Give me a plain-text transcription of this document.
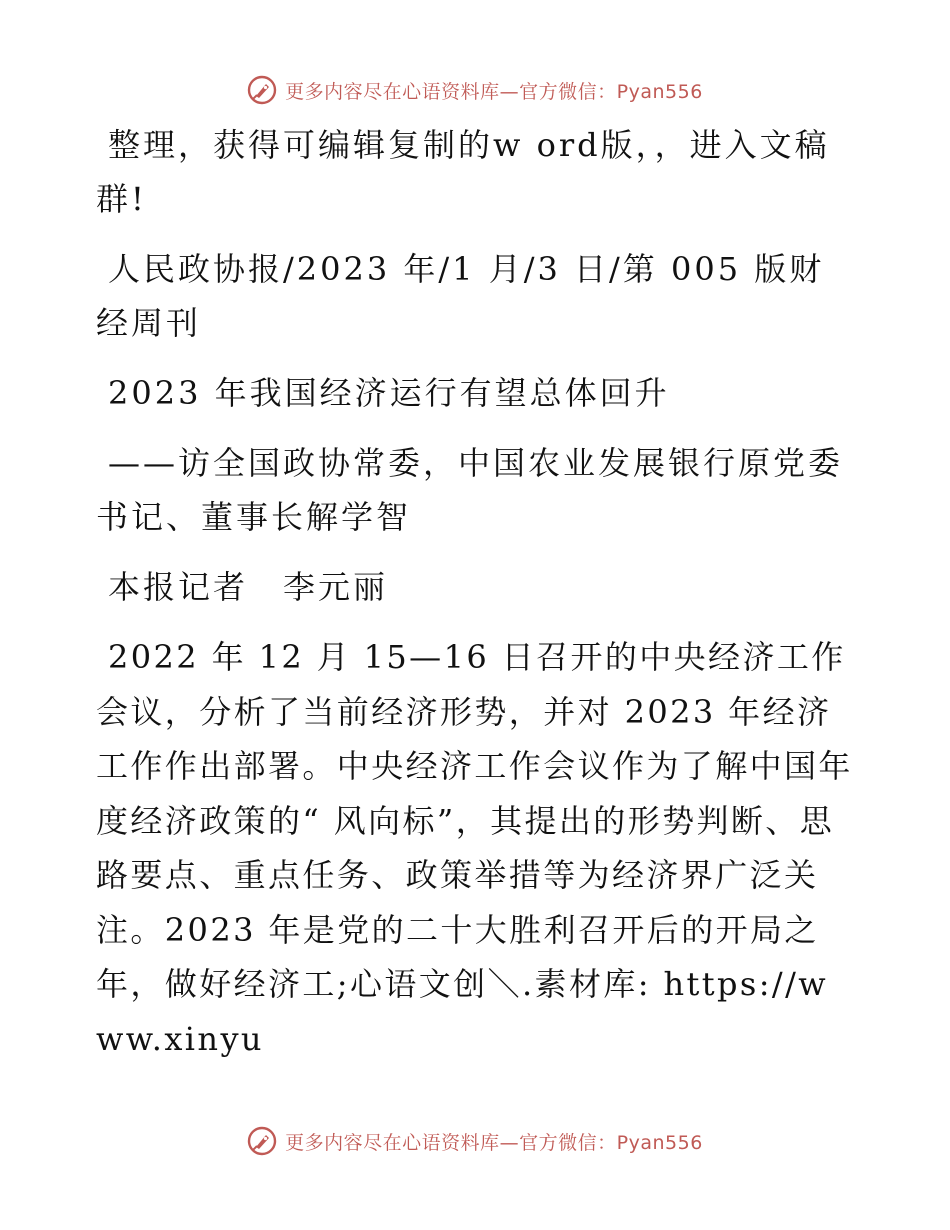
更多内容尽在心语资料库—官方微信：Pyan556

整理，获得可编辑复制的w ord版，，进入文稿群!

人民政协报/2023 年/1 月/3 日/第 005 版财经周刊

2023 年我国经济运行有望总体回升

——访全国政协常委，中国农业发展银行原党委书记、董事长解学智

本报记者　李元丽

2022 年 12 月 15—16 日召开的中央经济工作会议，分析了当前经济形势，并对 2023 年经济工作作出部署。中央经济工作会议作为了解中国年度经济政策的“ 风向标”，其提出的形势判断、思路要点、重点任务、政策举措等为经济界广泛关注。2023 年是党的二十大胜利召开后的开局之年，做好经济工;心语文创＼.素材库: https://www.xinyu

更多内容尽在心语资料库—官方微信：Pyan556
